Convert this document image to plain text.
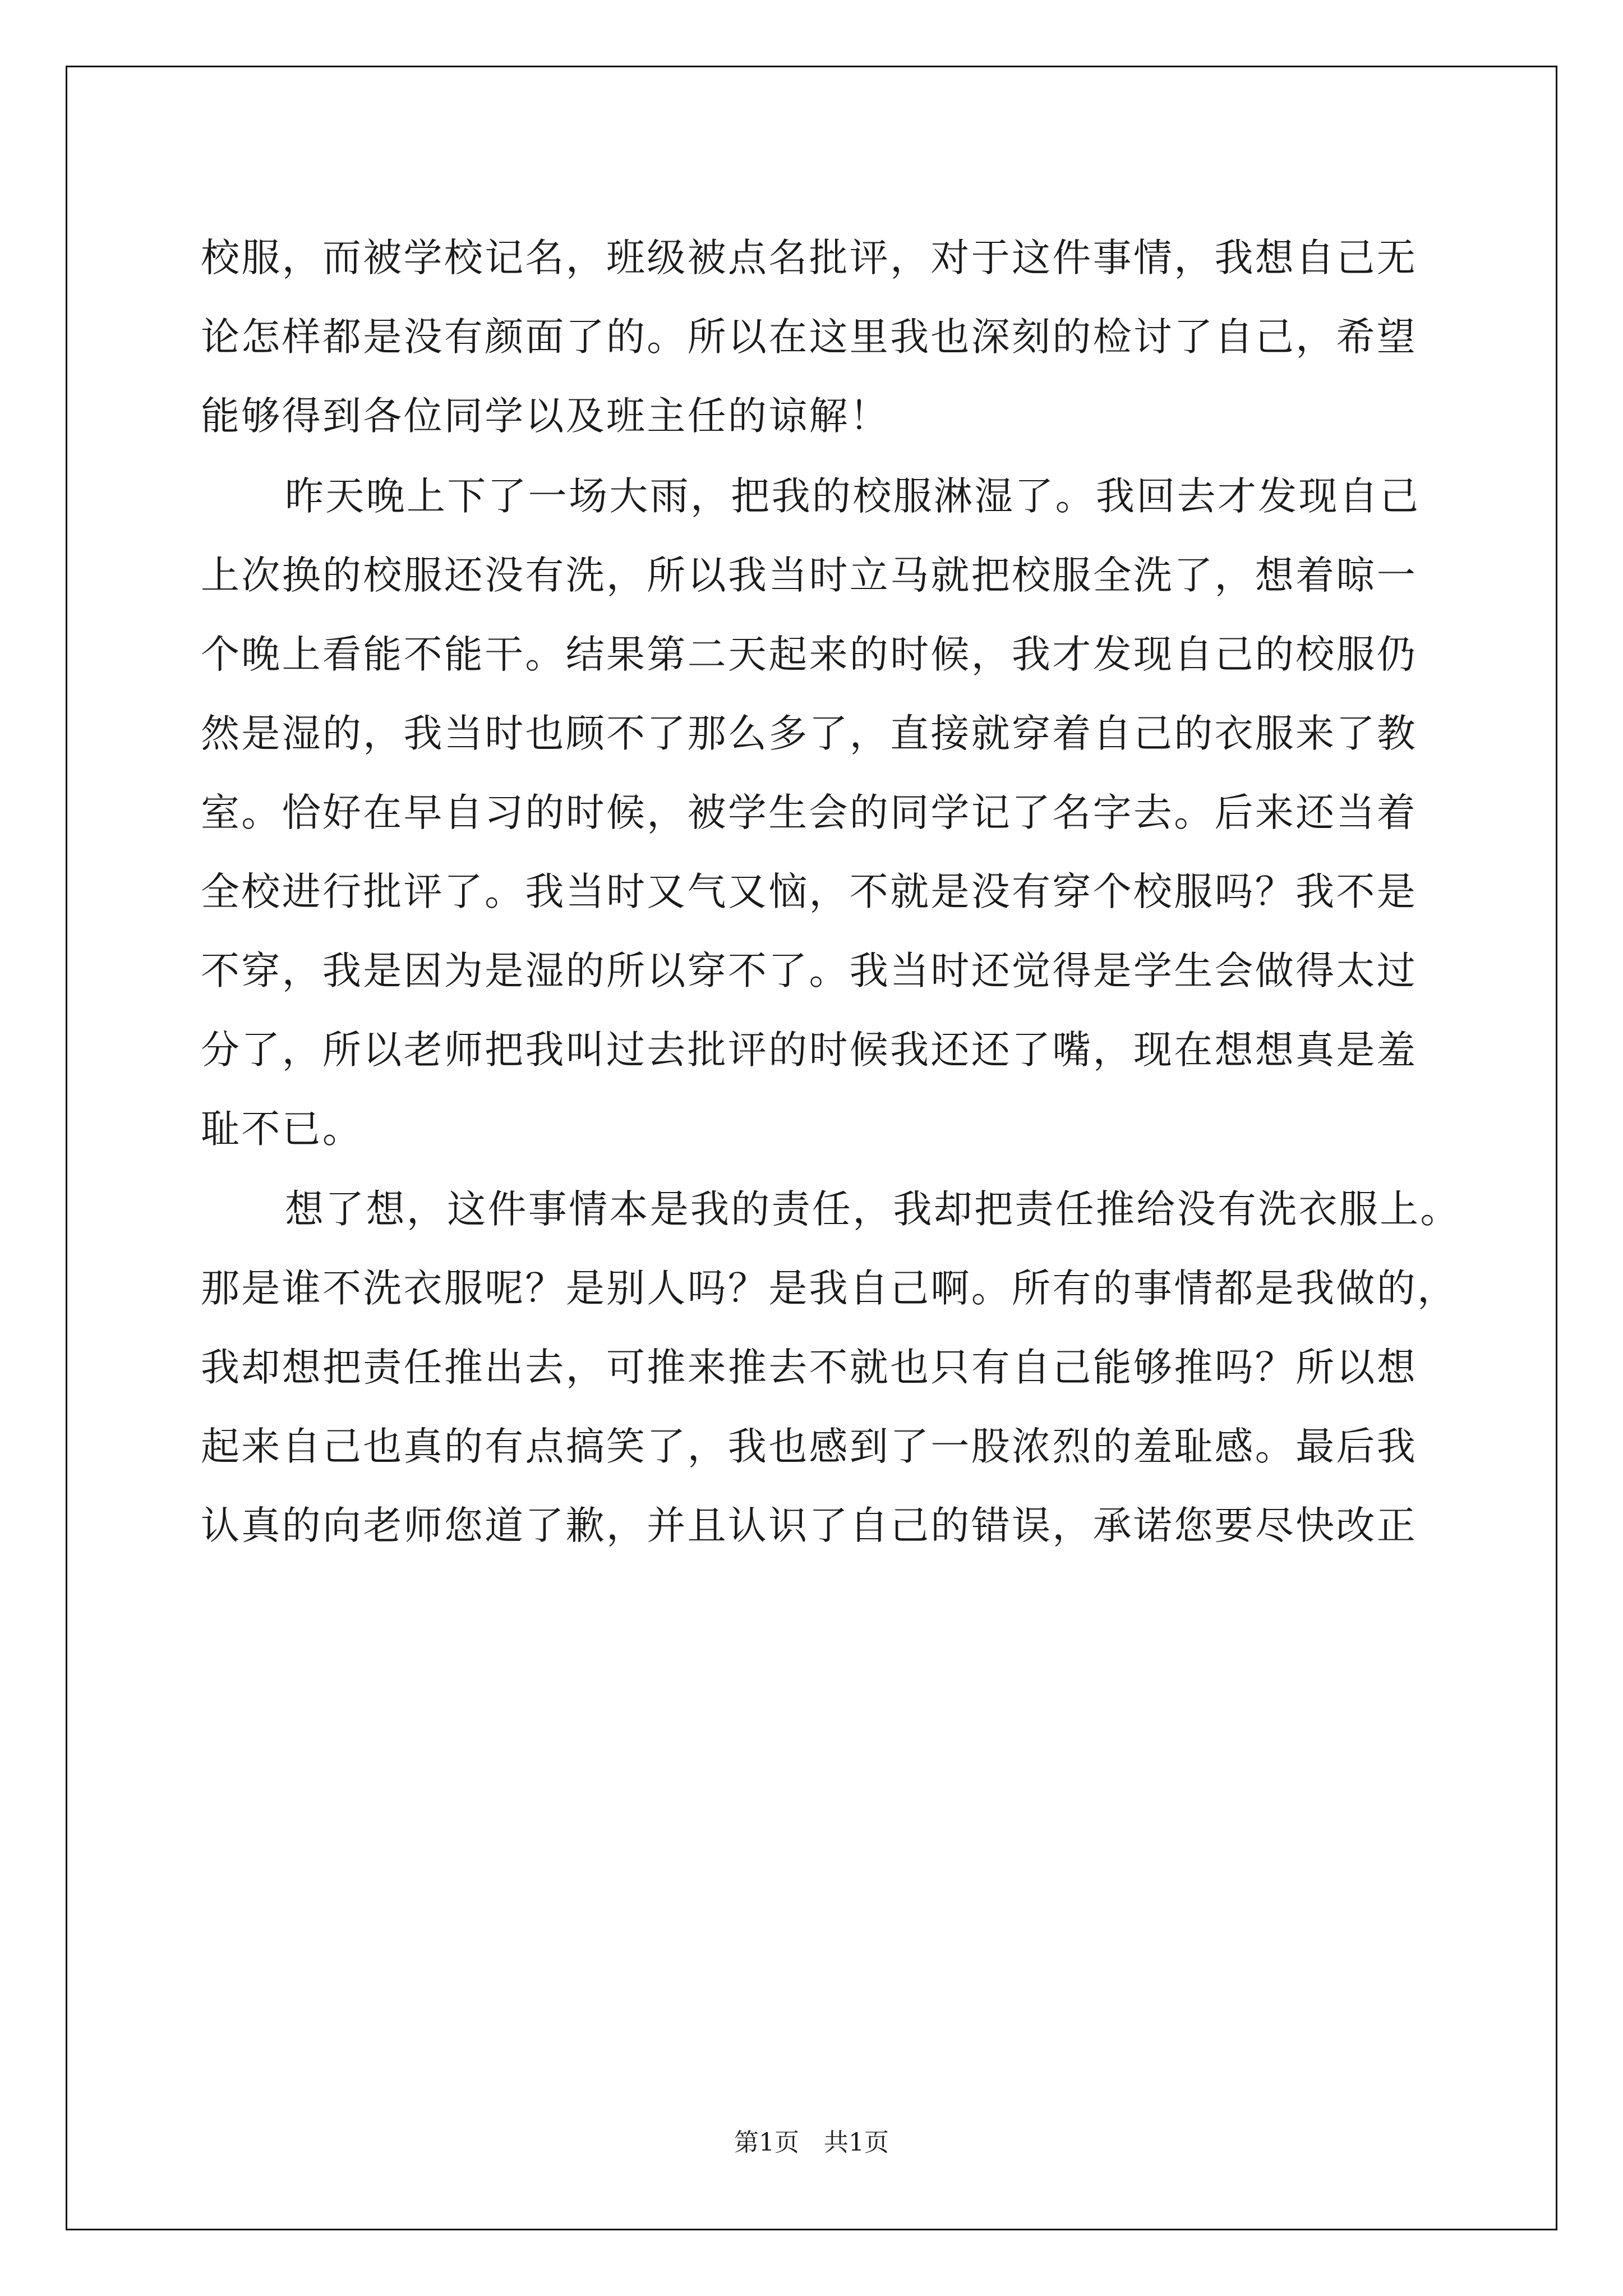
校服，而被学校记名，班级被点名批评，对于这件事情，我想自己无
论怎样都是没有颜面了的。所以在这里我也深刻的检讨了自己，希望
能够得到各位同学以及班主任的谅解！

昨天晚上下了一场大雨，把我的校服淋湿了。我回去才发现自己
上次换的校服还没有洗，所以我当时立马就把校服全洗了，想着晾一
个晚上看能不能干。结果第二天起来的时候，我才发现自己的校服仍
然是湿的，我当时也顾不了那么多了，直接就穿着自己的衣服来了教
室。恰好在早自习的时候，被学生会的同学记了名字去。后来还当着
全校进行批评了。我当时又气又恼，不就是没有穿个校服吗？我不是
不穿，我是因为是湿的所以穿不了。我当时还觉得是学生会做得太过
分了，所以老师把我叫过去批评的时候我还还了嘴，现在想想真是羞
耻不已。

想了想，这件事情本是我的责任，我却把责任推给没有洗衣服上。
那是谁不洗衣服呢？是别人吗？是我自己啊。所有的事情都是我做的，
我却想把责任推出去，可推来推去不就也只有自己能够推吗？所以想
起来自己也真的有点搞笑了，我也感到了一股浓烈的羞耻感。最后我
认真的向老师您道了歉，并且认识了自己的错误，承诺您要尽快改正

第1页　共1页
